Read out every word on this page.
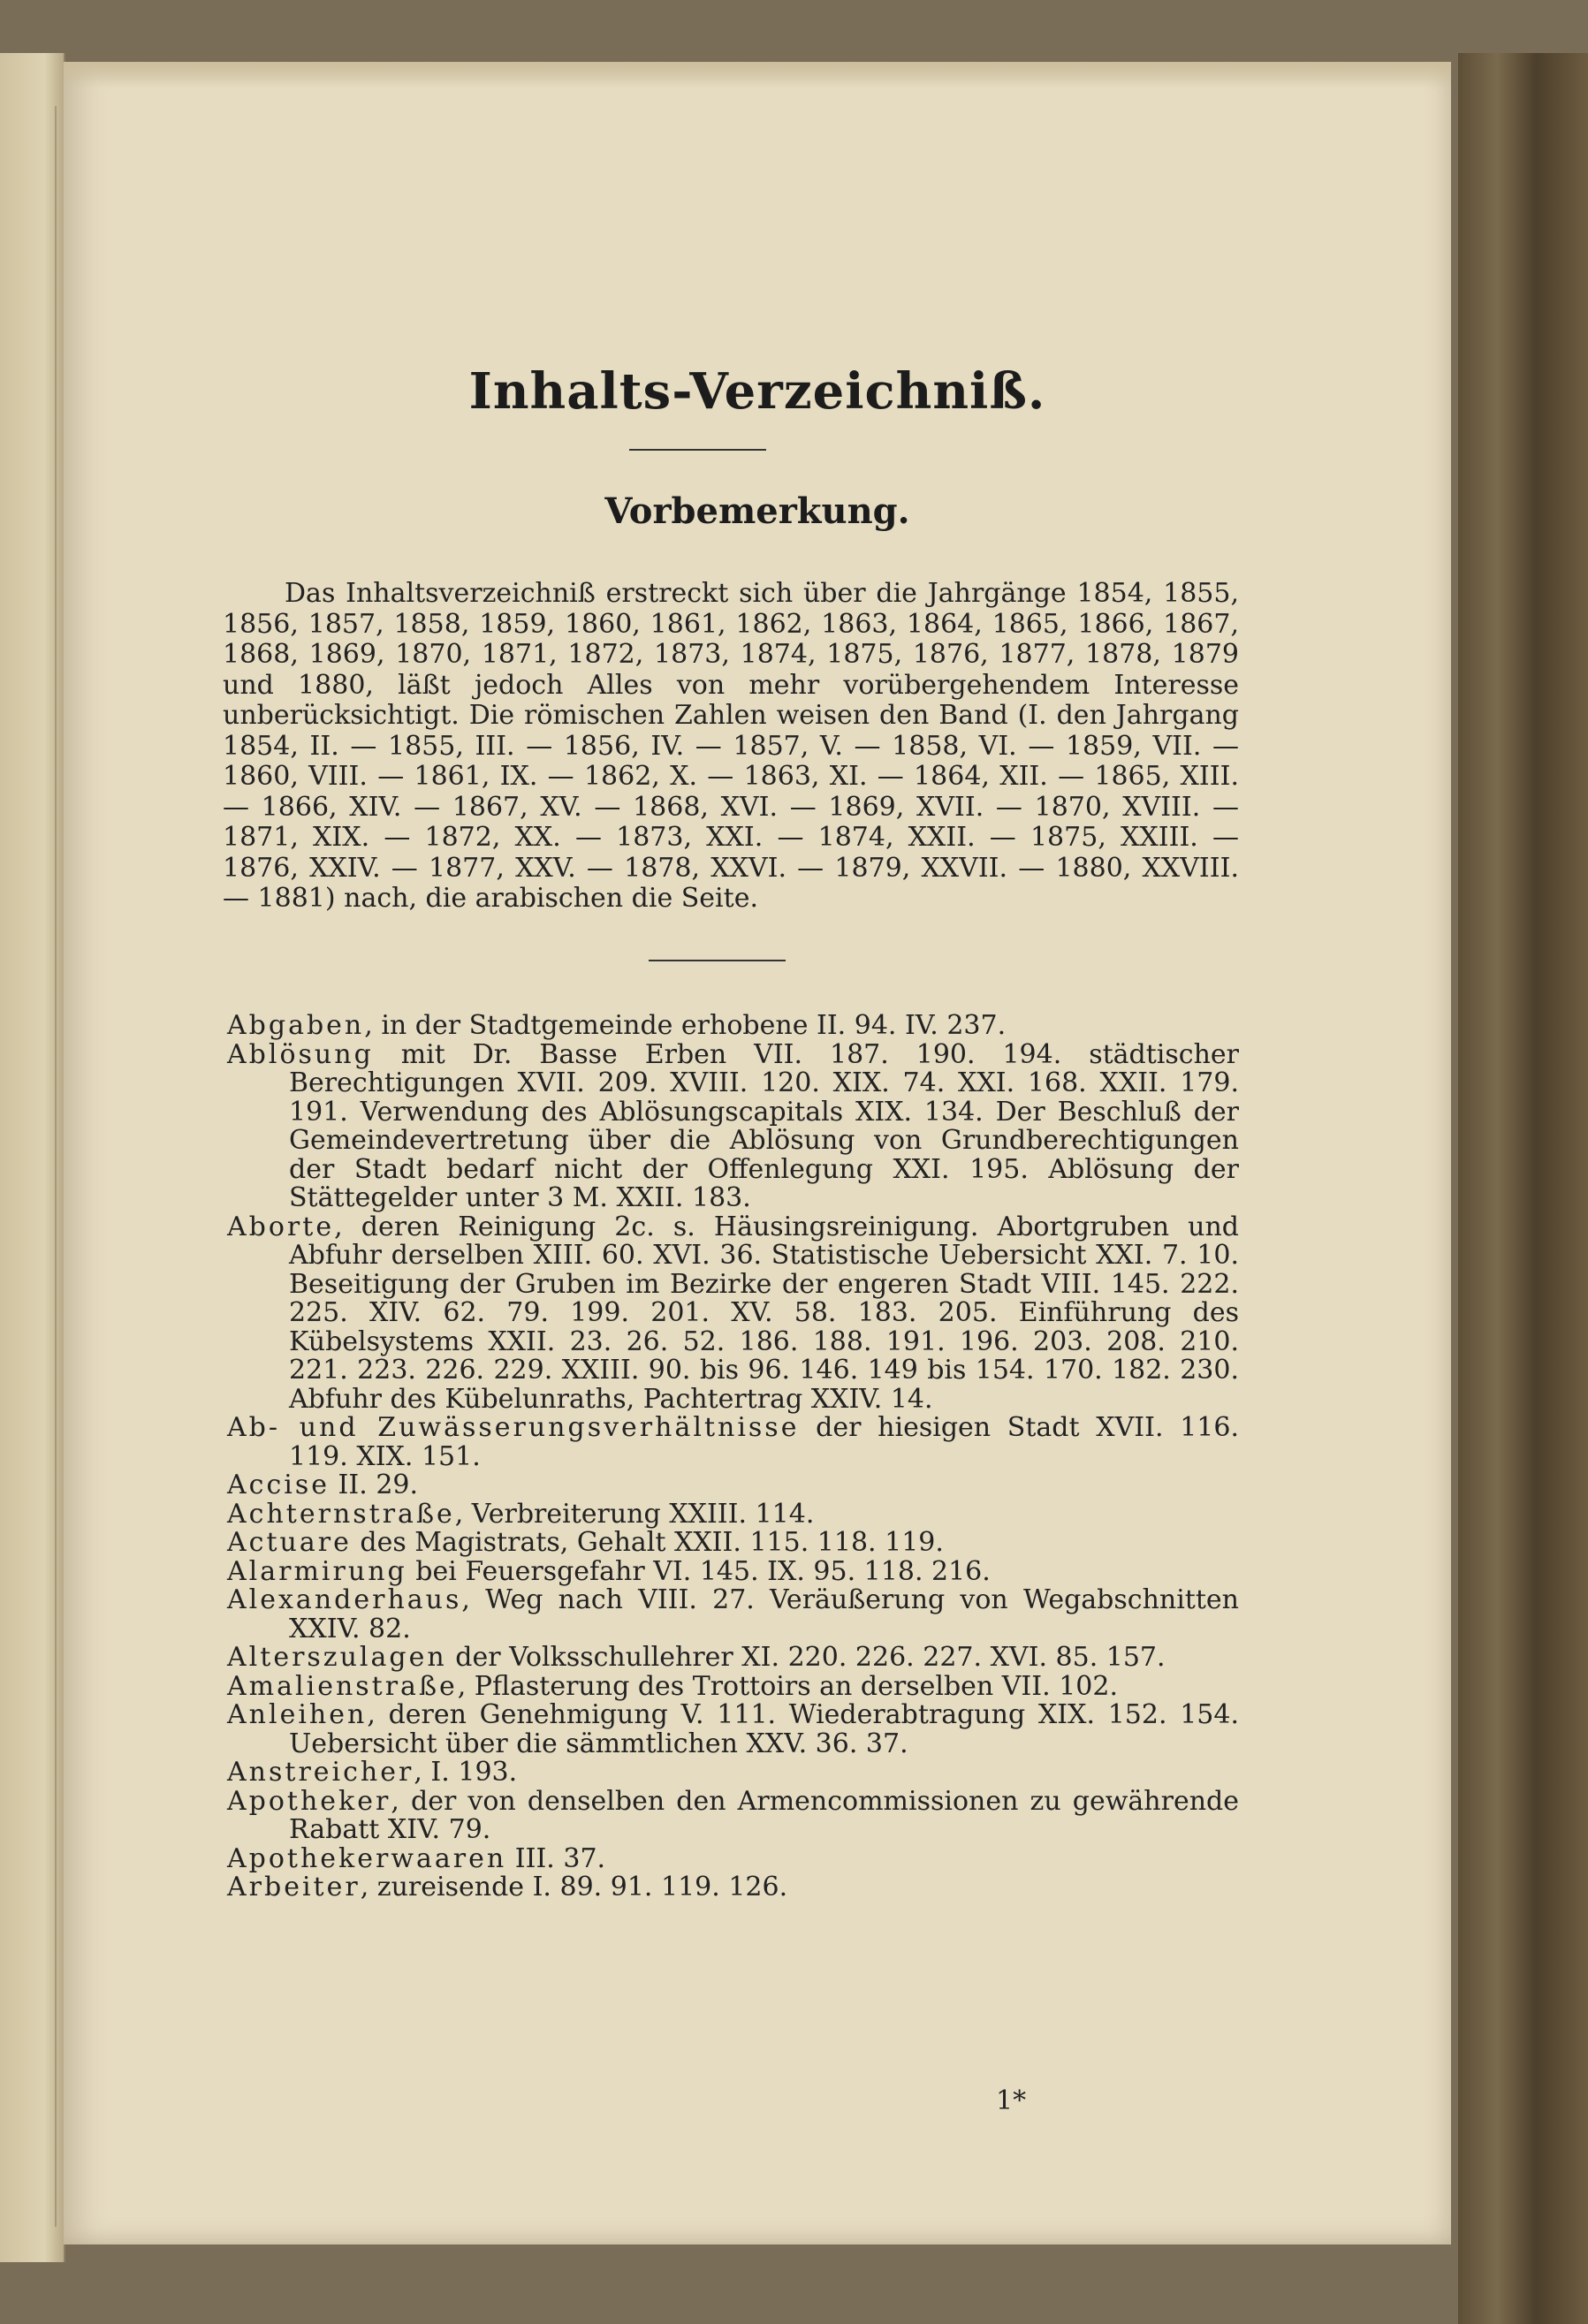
Inhalts-Verzeichniß.
Vorbemerkung.

Das Inhaltsverzeichniß erstreckt sich über die Jahrgänge 1854, 1855, 1856, 1857, 1858, 1859, 1860, 1861, 1862, 1863, 1864, 1865, 1866, 1867, 1868, 1869, 1870, 1871, 1872, 1873, 1874, 1875, 1876, 1877, 1878, 1879 und 1880, läßt jedoch Alles von mehr vorübergehendem Interesse unberücksichtigt. Die römischen Zahlen weisen den Band (I. den Jahrgang 1854, II. — 1855, III. — 1856, IV. — 1857, V. — 1858, VI. — 1859, VII. — 1860, VIII. — 1861, IX. — 1862, X. — 1863, XI. — 1864, XII. — 1865, XIII. — 1866, XIV. — 1867, XV. — 1868, XVI. — 1869, XVII. — 1870, XVIII. — 1871, XIX. — 1872, XX. — 1873, XXI. — 1874, XXII. — 1875, XXIII. — 1876, XXIV. — 1877, XXV. — 1878, XXVI. — 1879, XXVII. — 1880, XXVIII. — 1881) nach, die arabischen die Seite.

Abgaben, in der Stadtgemeinde erhobene II. 94. IV. 237.

Ablösung mit Dr. Basse Erben VII. 187. 190. 194. städtischer Berechtigungen XVII. 209. XVIII. 120. XIX. 74. XXI. 168. XXII. 179. 191. Verwendung des Ablösungscapitals XIX. 134. Der Beschluß der Gemeindevertretung über die Ablösung von Grundberechtigungen der Stadt bedarf nicht der Offenlegung XXI. 195. Ablösung der Stättegelder unter 3 M. XXII. 183.

Aborte, deren Reinigung 2c. s. Häusingsreinigung. Abortgruben und Abfuhr derselben XIII. 60. XVI. 36. Statistische Uebersicht XXI. 7. 10. Beseitigung der Gruben im Bezirke der engeren Stadt VIII. 145. 222. 225. XIV. 62. 79. 199. 201. XV. 58. 183. 205. Einführung des Kübelsystems XXII. 23. 26. 52. 186. 188. 191. 196. 203. 208. 210. 221. 223. 226. 229. XXIII. 90. bis 96. 146. 149 bis 154. 170. 182. 230. Abfuhr des Kübelunraths, Pachtertrag XXIV. 14.

Ab- und Zuwässerungsverhältnisse der hiesigen Stadt XVII. 116. 119. XIX. 151.

Accise II. 29.

Achternstraße, Verbreiterung XXIII. 114.

Actuare des Magistrats, Gehalt XXII. 115. 118. 119.

Alarmirung bei Feuersgefahr VI. 145. IX. 95. 118. 216.

Alexanderhaus, Weg nach VIII. 27. Veräußerung von Wegabschnitten XXIV. 82.

Alterszulagen der Volksschullehrer XI. 220. 226. 227. XVI. 85. 157.

Amalienstraße, Pflasterung des Trottoirs an derselben VII. 102.

Anleihen, deren Genehmigung V. 111. Wiederabtragung XIX. 152. 154. Uebersicht über die sämmtlichen XXV. 36. 37.

Anstreicher, I. 193.

Apotheker, der von denselben den Armencommissionen zu gewährende Rabatt XIV. 79.

Apothekerwaaren III. 37.

Arbeiter, zureisende I. 89. 91. 119. 126.

1*
